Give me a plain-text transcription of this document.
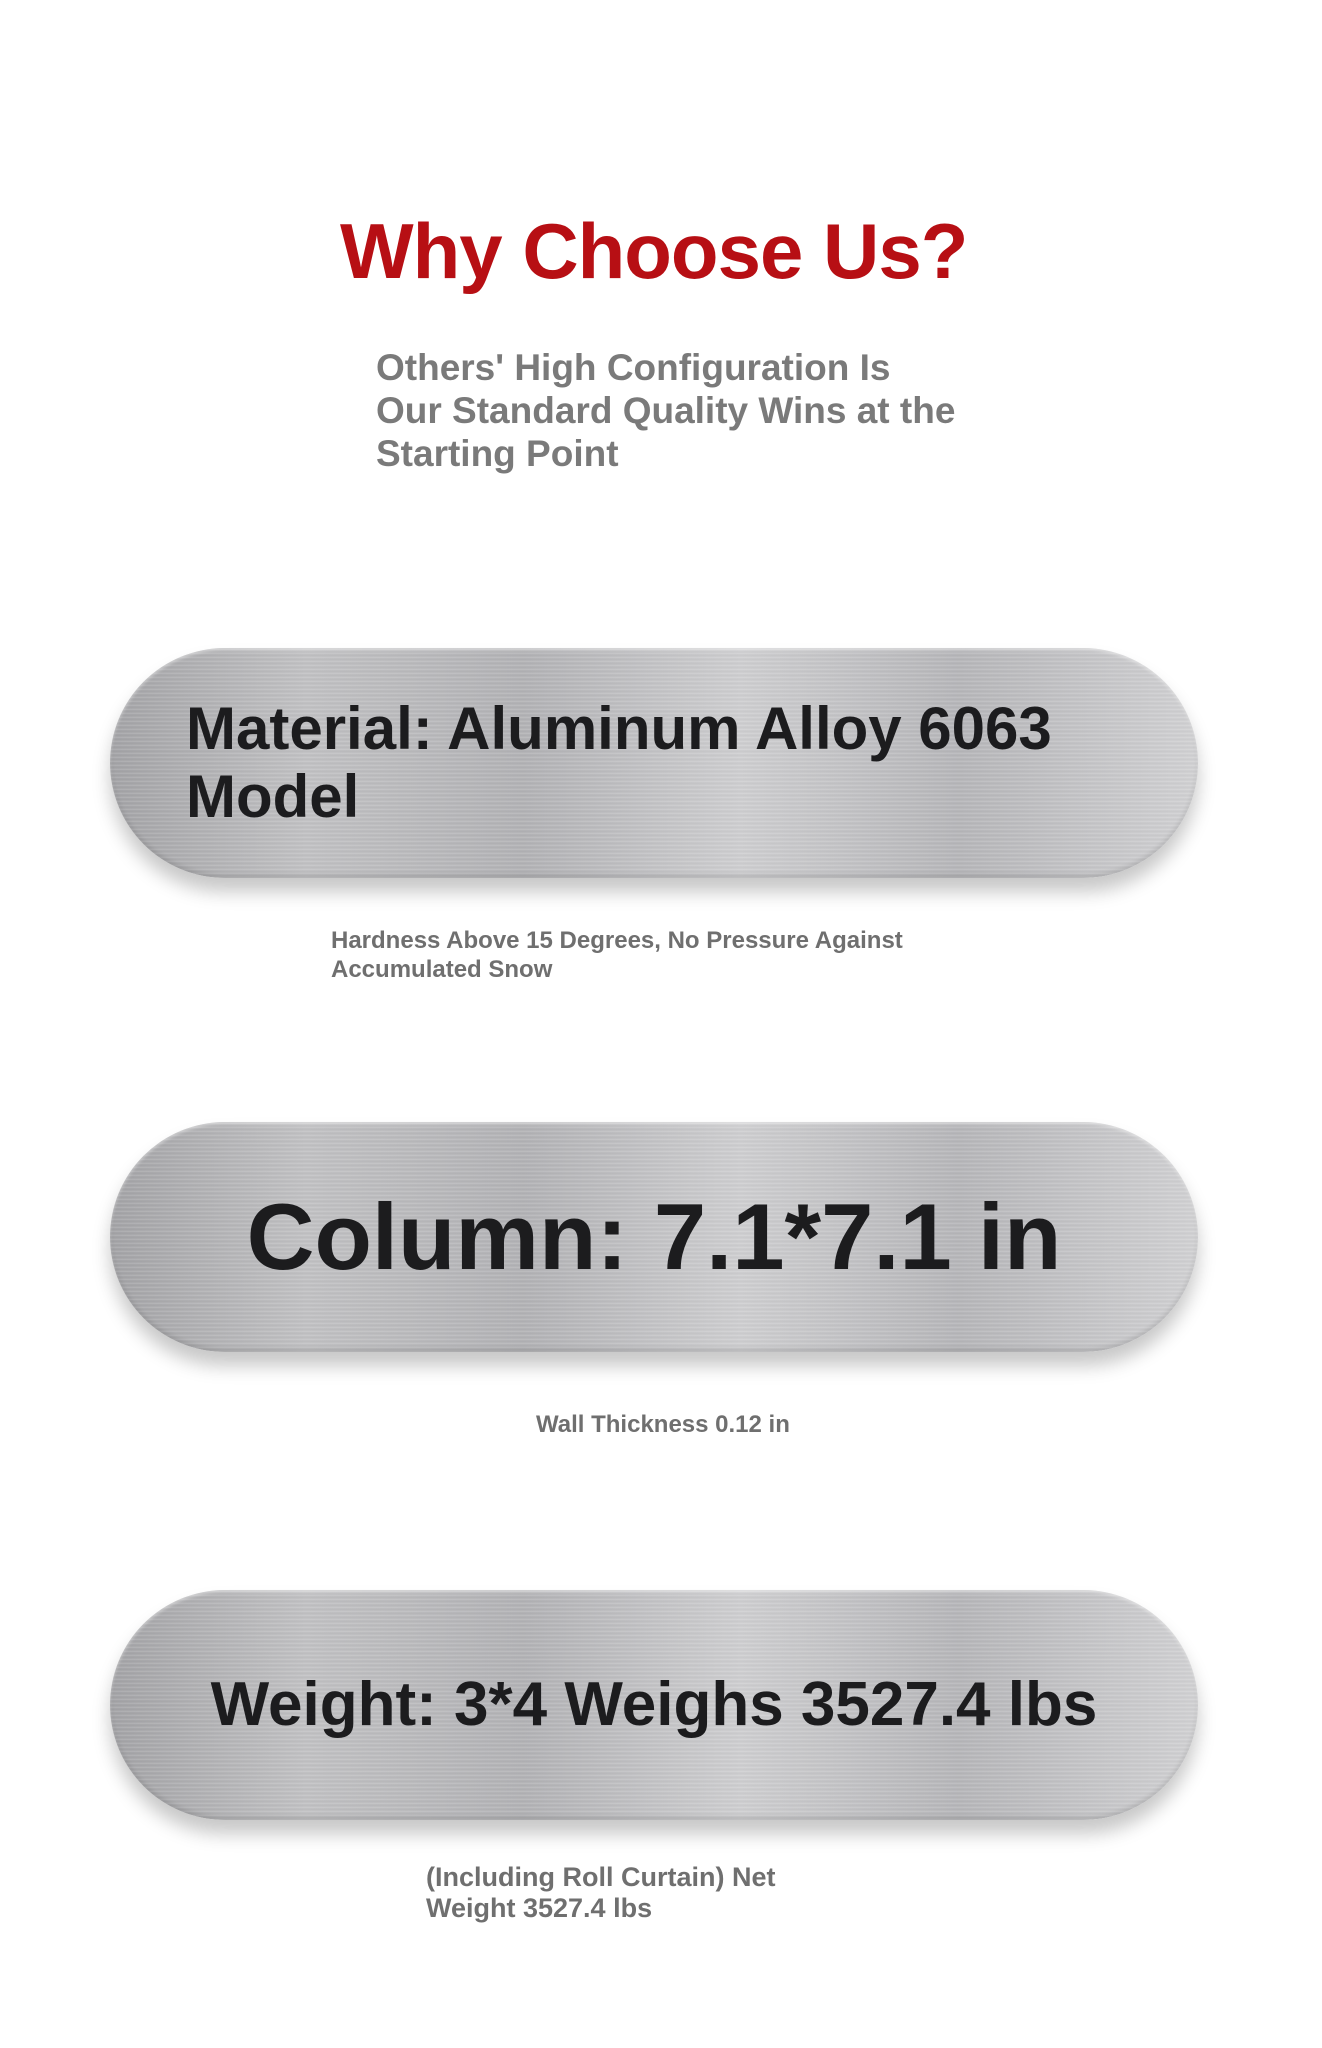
Why Choose Us?
Others' High Configuration Is Our Standard Quality Wins at the Starting Point
Material: Aluminum Alloy 6063 Model
Hardness Above 15 Degrees, No Pressure Against Accumulated Snow
Column: 7.1*7.1 in
Wall Thickness 0.12 in
Weight: 3*4 Weighs 3527.4 lbs
(Including Roll Curtain) Net Weight 3527.4 lbs
